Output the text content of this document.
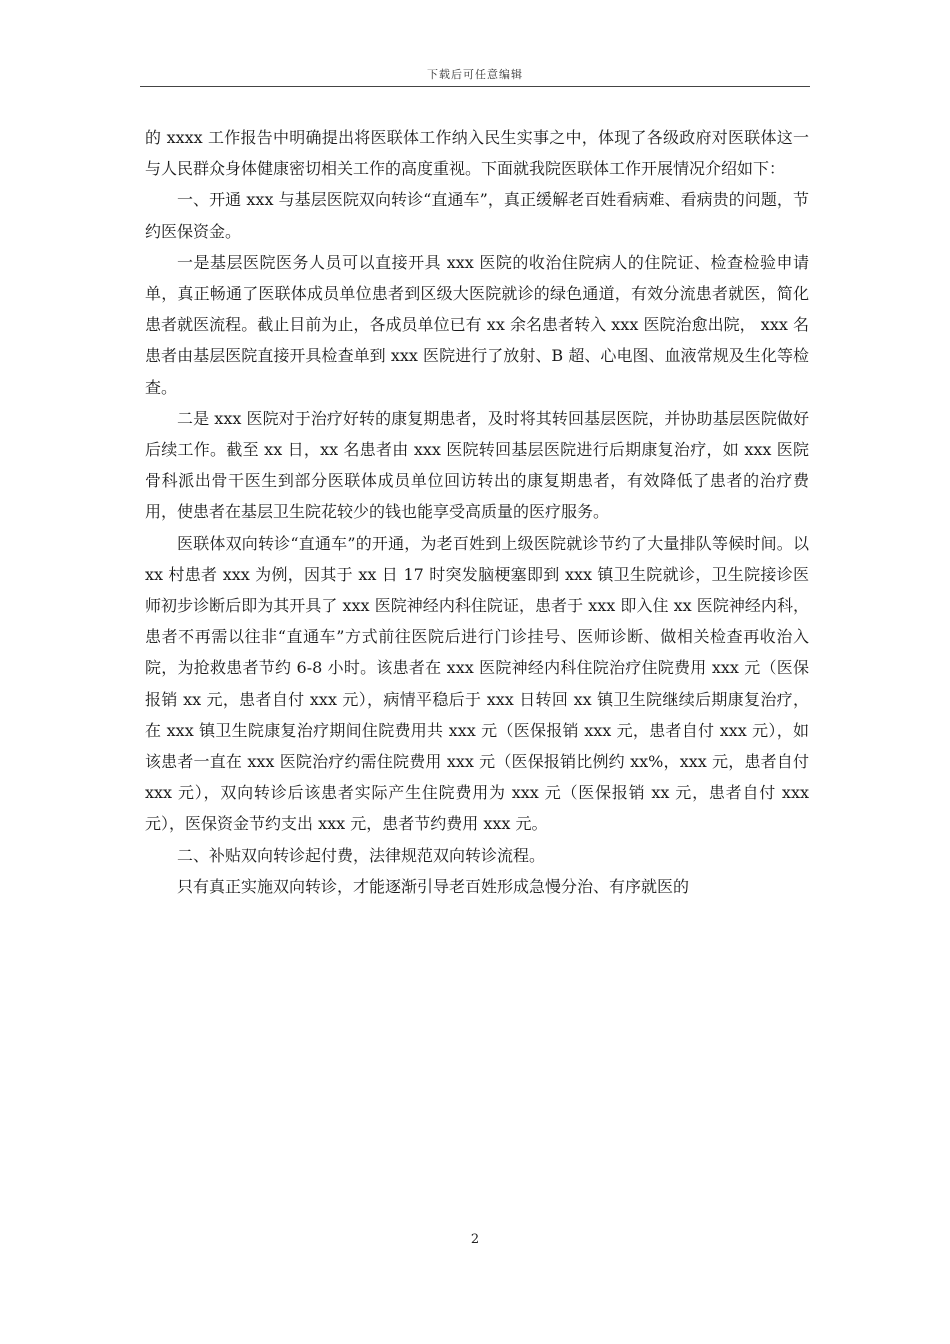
下载后可任意编辑

的 xxxx 工作报告中明确提出将医联体工作纳入民生实事之中，体现了各级政府对医联体这一与人民群众身体健康密切相关工作的高度重视。下面就我院医联体工作开展情况介绍如下：

一、开通 xxx 与基层医院双向转诊“直通车”，真正缓解老百姓看病难、看病贵的问题，节约医保资金。

一是基层医院医务人员可以直接开具 xxx 医院的收治住院病人的住院证、检查检验申请单，真正畅通了医联体成员单位患者到区级大医院就诊的绿色通道，有效分流患者就医，简化患者就医流程。截止目前为止，各成员单位已有 xx 余名患者转入 xxx 医院治愈出院， xxx 名患者由基层医院直接开具检查单到 xxx 医院进行了放射、B 超、心电图、血液常规及生化等检查。

二是 xxx 医院对于治疗好转的康复期患者，及时将其转回基层医院，并协助基层医院做好后续工作。截至 xx 日，xx 名患者由 xxx 医院转回基层医院进行后期康复治疗，如 xxx 医院骨科派出骨干医生到部分医联体成员单位回访转出的康复期患者，有效降低了患者的治疗费用，使患者在基层卫生院花较少的钱也能享受高质量的医疗服务。

医联体双向转诊“直通车”的开通，为老百姓到上级医院就诊节约了大量排队等候时间。以 xx 村患者 xxx 为例，因其于 xx 日 17 时突发脑梗塞即到 xxx 镇卫生院就诊，卫生院接诊医师初步诊断后即为其开具了 xxx 医院神经内科住院证，患者于 xxx 即入住 xx 医院神经内科，患者不再需以往非“直通车”方式前往医院后进行门诊挂号、医师诊断、做相关检查再收治入院，为抢救患者节约 6-8 小时。该患者在 xxx 医院神经内科住院治疗住院费用 xxx 元（医保报销 xx 元，患者自付 xxx 元），病情平稳后于 xxx 日转回 xx 镇卫生院继续后期康复治疗，在 xxx 镇卫生院康复治疗期间住院费用共 xxx 元（医保报销 xxx 元，患者自付 xxx 元），如该患者一直在 xxx 医院治疗约需住院费用 xxx 元（医保报销比例约 xx%，xxx 元，患者自付 xxx 元），双向转诊后该患者实际产生住院费用为 xxx 元（医保报销 xx 元，患者自付 xxx 元），医保资金节约支出 xxx 元，患者节约费用 xxx 元。

二、补贴双向转诊起付费，法律规范双向转诊流程。

只有真正实施双向转诊，才能逐渐引导老百姓形成急慢分治、有序就医的

2
